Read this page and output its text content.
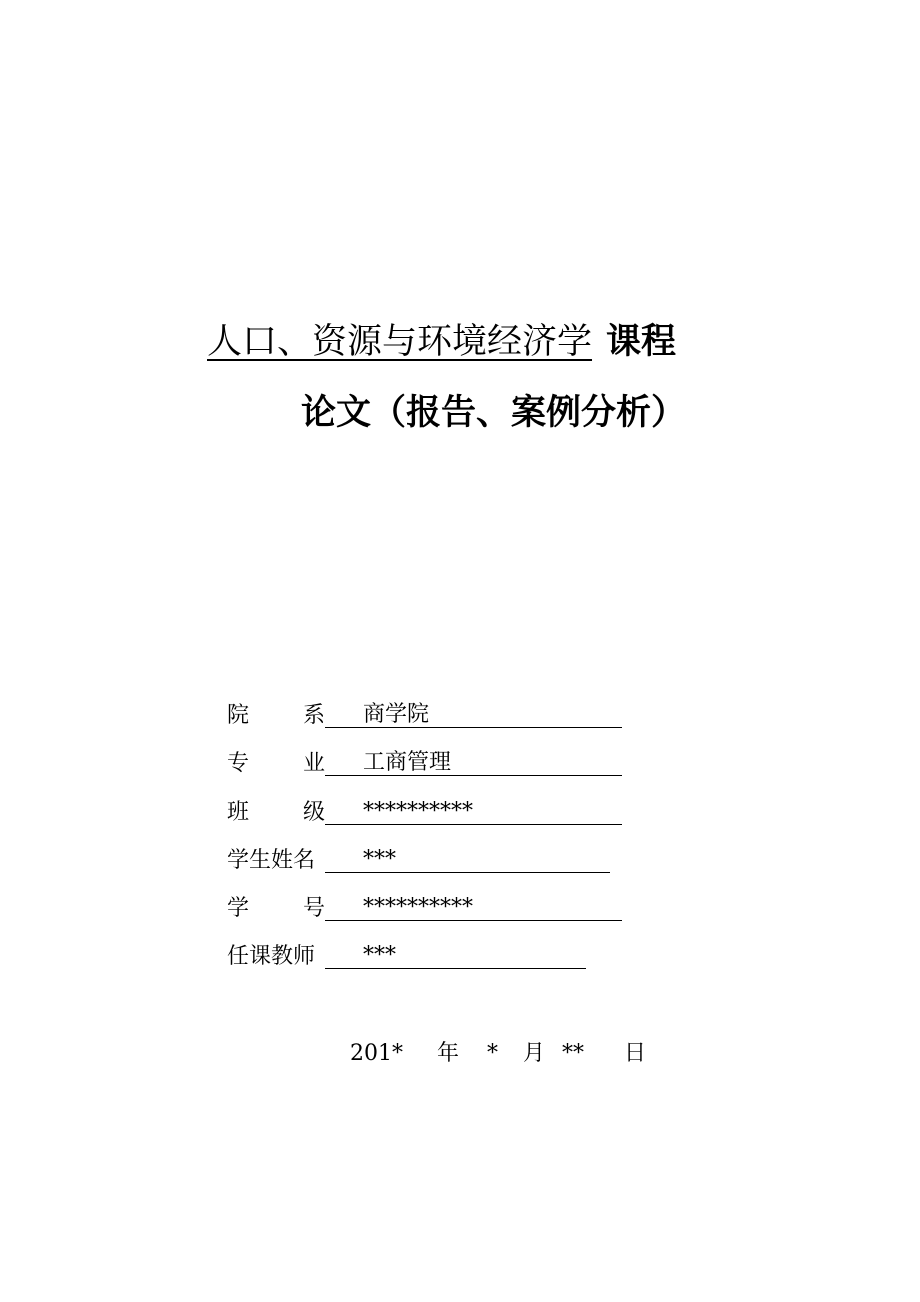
人口、资源与环境经济学 课程
论文（报告、案例分析）
院 系	商学院
专 业	工商管理
班 级	**********
学生姓名	***
学 号	**********
任课教师	***
201* 年 * 月 ** 日
